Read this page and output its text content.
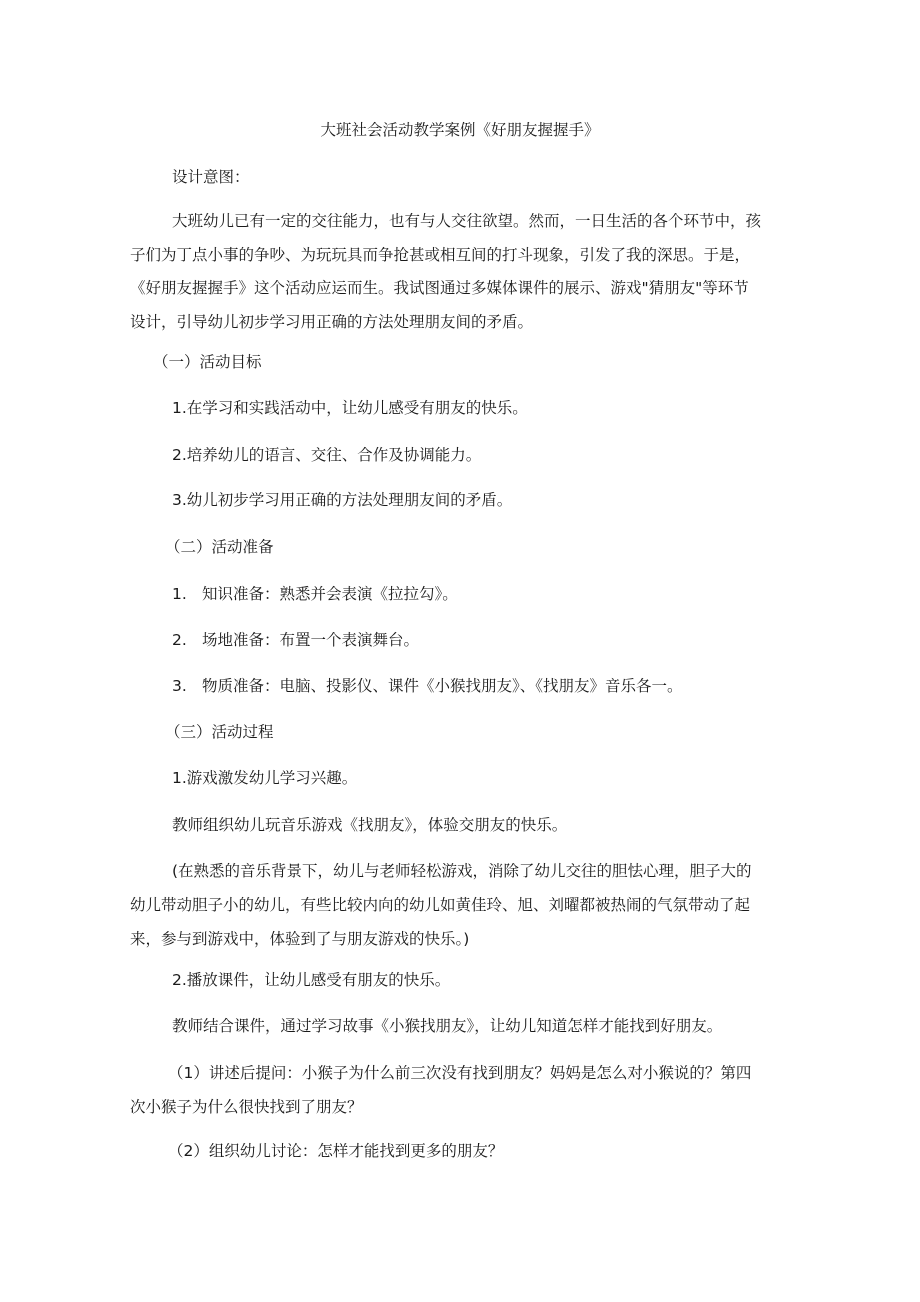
大班社会活动教学案例《好朋友握握手》
设计意图：
大班幼儿已有一定的交往能力，也有与人交往欲望。然而，一日生活的各个环节中，孩
子们为丁点小事的争吵、为玩玩具而争抢甚或相互间的打斗现象，引发了我的深思。于是，
《好朋友握握手》这个活动应运而生。我试图通过多媒体课件的展示、游戏"猜朋友"等环节
设计，引导幼儿初步学习用正确的方法处理朋友间的矛盾。
（一）活动目标
1.在学习和实践活动中，让幼儿感受有朋友的快乐。
2.培养幼儿的语言、交往、合作及协调能力。
3.幼儿初步学习用正确的方法处理朋友间的矛盾。
（二）活动准备
1. 知识准备：熟悉并会表演《拉拉勾》。
2. 场地准备：布置一个表演舞台。
3. 物质准备：电脑、投影仪、课件《小猴找朋友》、《找朋友》音乐各一。
（三）活动过程
1.游戏激发幼儿学习兴趣。
教师组织幼儿玩音乐游戏《找朋友》，体验交朋友的快乐。
(在熟悉的音乐背景下，幼儿与老师轻松游戏，消除了幼儿交往的胆怯心理，胆子大的
幼儿带动胆子小的幼儿，有些比较内向的幼儿如黄佳玲、旭、刘曜都被热闹的气氛带动了起
来，参与到游戏中，体验到了与朋友游戏的快乐。)
2.播放课件，让幼儿感受有朋友的快乐。
教师结合课件，通过学习故事《小猴找朋友》，让幼儿知道怎样才能找到好朋友。
（1）讲述后提问：小猴子为什么前三次没有找到朋友？妈妈是怎么对小猴说的？第四
次小猴子为什么很快找到了朋友？
（2）组织幼儿讨论：怎样才能找到更多的朋友？
